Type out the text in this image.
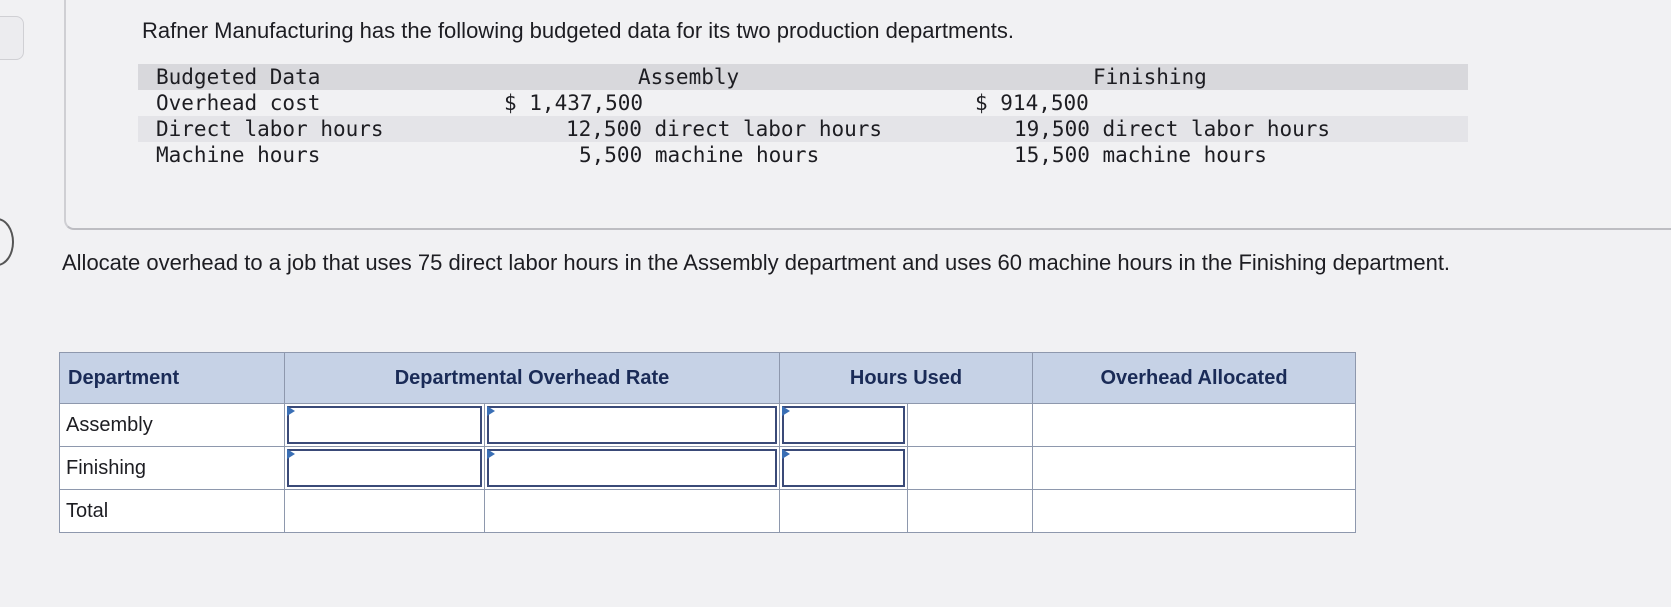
Rafner Manufacturing has the following budgeted data for its two production departments.
Budgeted Data	Assembly	Finishing
Overhead cost	$ 1,437,500	$ 914,500
Direct labor hours	12,500 direct labor hours	19,500 direct labor hours
Machine hours	5,500 machine hours	15,500 machine hours

Allocate overhead to a job that uses 75 direct labor hours in the Assembly department and uses 60 machine hours in the Finishing department.

Department	Departmental Overhead Rate		Hours Used		Overhead Allocated
Assembly	

Finishing	

Total					
